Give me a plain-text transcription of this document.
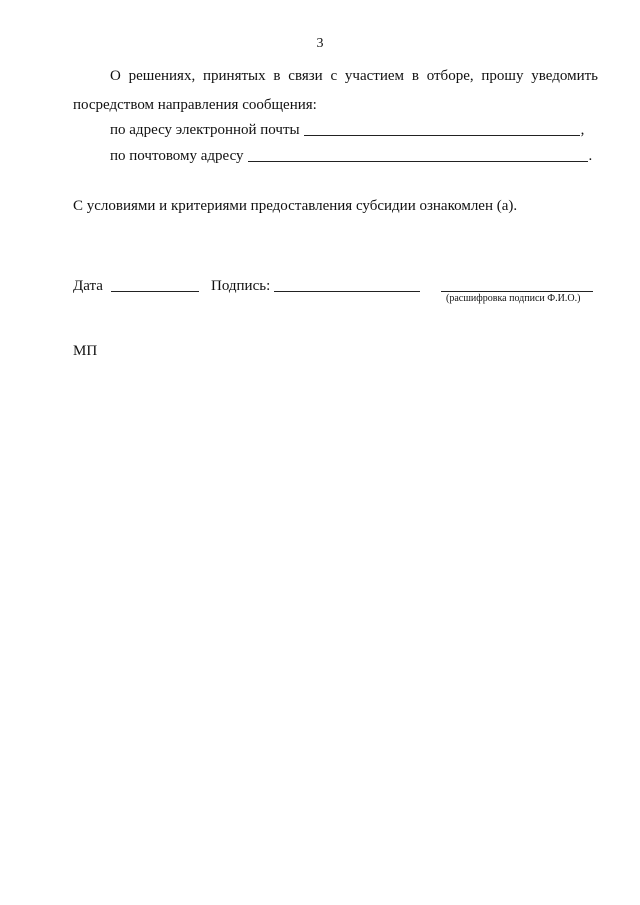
3
О решениях, принятых в связи с участием в отборе, прошу уведомить
посредством направления сообщения:
по адресу электронной почты	,
по почтовому адресу	.
С условиями и критериями предоставления субсидии ознакомлен (а).
Дата	Подпись:
(расшифровка подписи Ф.И.О.)
МП
